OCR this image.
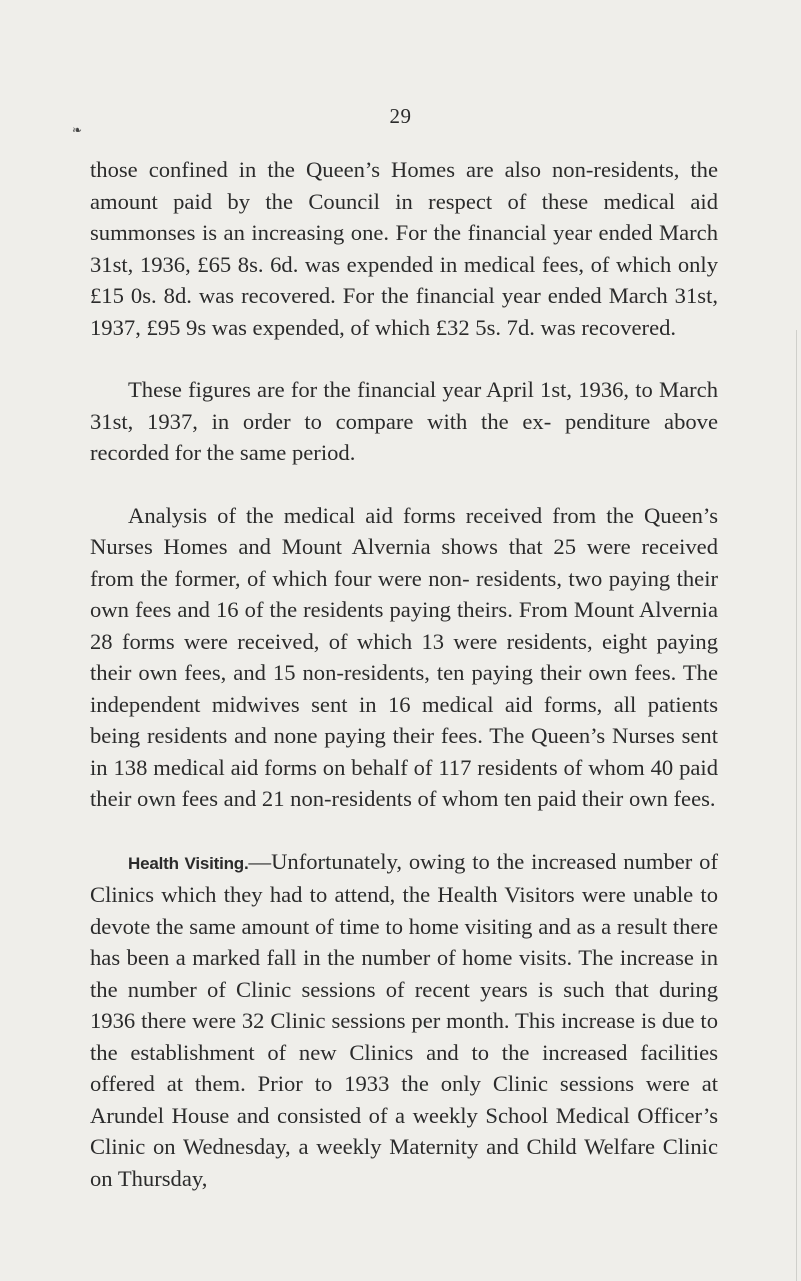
29
❧

those confined in the Queen’s Homes are also non-residents, the amount paid by the Council in respect of these medical aid summonses is an increasing one. For the financial year ended March 31st, 1936, £65 8s. 6d. was expended in medical fees, of which only £15 0s. 8d. was recovered. For the financial year ended March 31st, 1937, £95 9s was expended, of which £32 5s. 7d. was recovered.

These figures are for the financial year April 1st, 1936, to March 31st, 1937, in order to compare with the ex- penditure above recorded for the same period.

Analysis of the medical aid forms received from the Queen’s Nurses Homes and Mount Alvernia shows that 25 were received from the former, of which four were non- residents, two paying their own fees and 16 of the residents paying theirs. From Mount Alvernia 28 forms were received, of which 13 were residents, eight paying their own fees, and 15 non-residents, ten paying their own fees. The independent midwives sent in 16 medical aid forms, all patients being residents and none paying their fees. The Queen’s Nurses sent in 138 medical aid forms on behalf of 117 residents of whom 40 paid their own fees and 21 non-residents of whom ten paid their own fees.

Health Visiting.—Unfortunately, owing to the increased number of Clinics which they had to attend, the Health Visitors were unable to devote the same amount of time to home visiting and as a result there has been a marked fall in the number of home visits. The increase in the number of Clinic sessions of recent years is such that during 1936 there were 32 Clinic sessions per month. This increase is due to the establishment of new Clinics and to the increased facilities offered at them. Prior to 1933 the only Clinic sessions were at Arundel House and consisted of a weekly School Medical Officer’s Clinic on Wednesday, a weekly Maternity and Child Welfare Clinic on Thursday,
